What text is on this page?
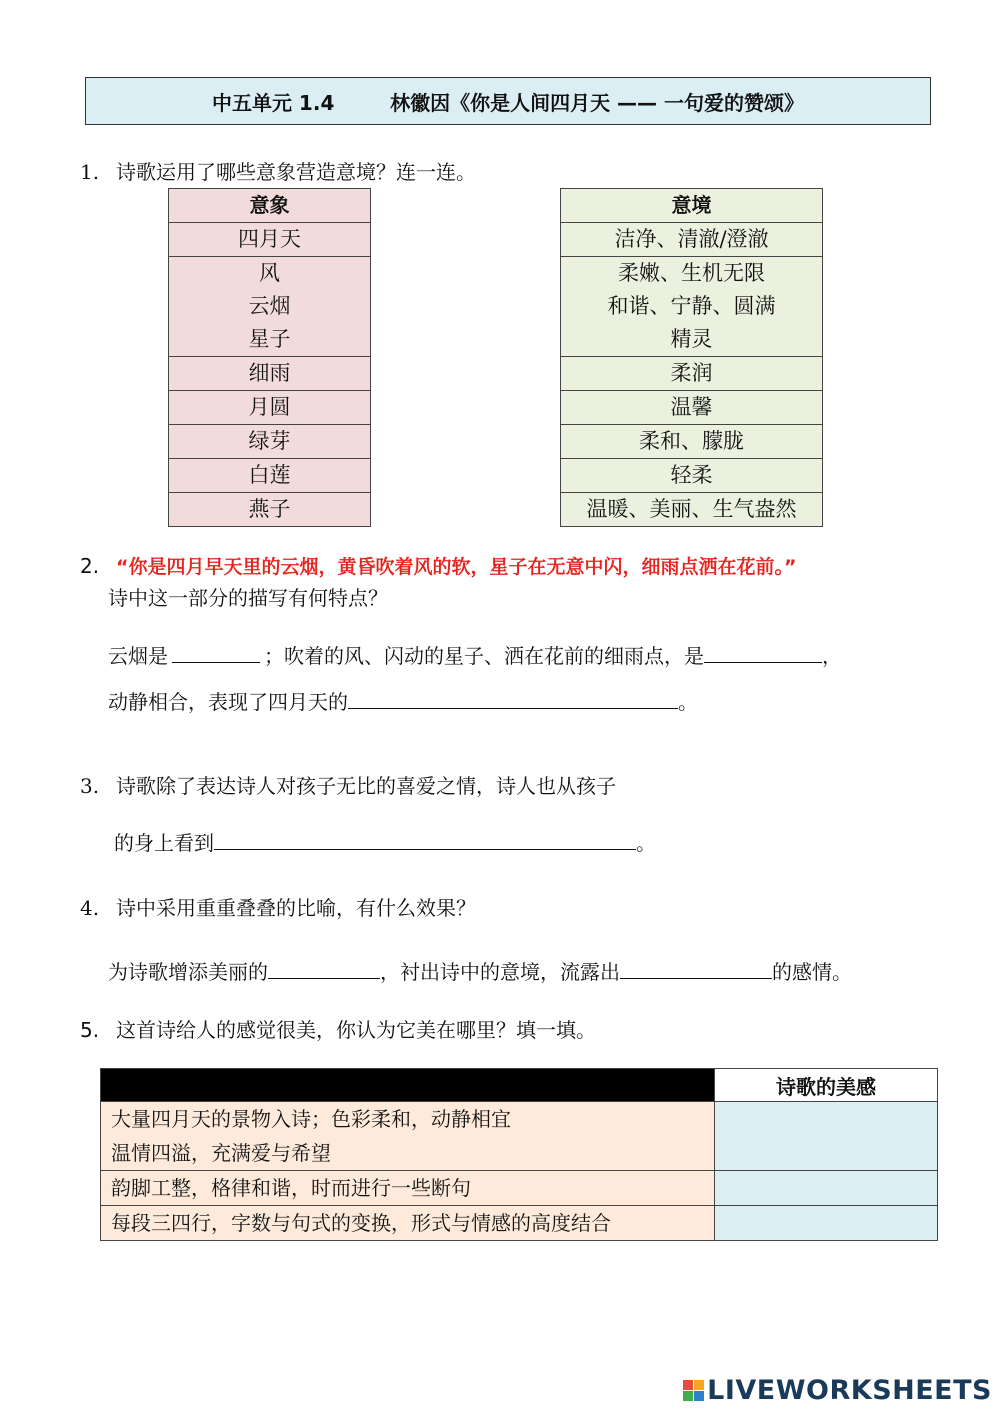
中五单元 1.4
	林徽因《你是人间四月天 —— 一句爱的赞颂》
1. 诗歌运用了哪些意象营造意境？连一连。
意象
四月天

风
云烟
星子

细雨
月圆
绿芽
白莲
燕子
意境
洁净、清澈/澄澈

柔嫩、生机无限
和谐、宁静、圆满
精灵

柔润
温馨
柔和、朦胧
轻柔
温暖、美丽、生气盎然
2. “你是四月早天里的云烟，黄昏吹着风的软，星子在无意中闪，细雨点洒在花前。”
诗中这一部分的描写有何特点？
云烟是	；吹着的风、闪动的星子、洒在花前的细雨点，是	，
动静相合，表现了四月天的	。
3. 诗歌除了表达诗人对孩子无比的喜爱之情，诗人也从孩子
的身上看到	。
4. 诗中采用重重叠叠的比喻，有什么效果？
为诗歌增添美丽的	，衬出诗中的意境，流露出	的感情。
5. 这首诗给人的感觉很美，你认为它美在哪里？填一填。
	诗歌的美感

大量四月天的景物入诗；色彩柔和，动静相宜
温情四溢，充满爱与希望	

韵脚工整，格律和谐，时而进行一些断句	
每段三四行，字数与句式的变换，形式与情感的高度结合	
LIVEWORKSHEETS
